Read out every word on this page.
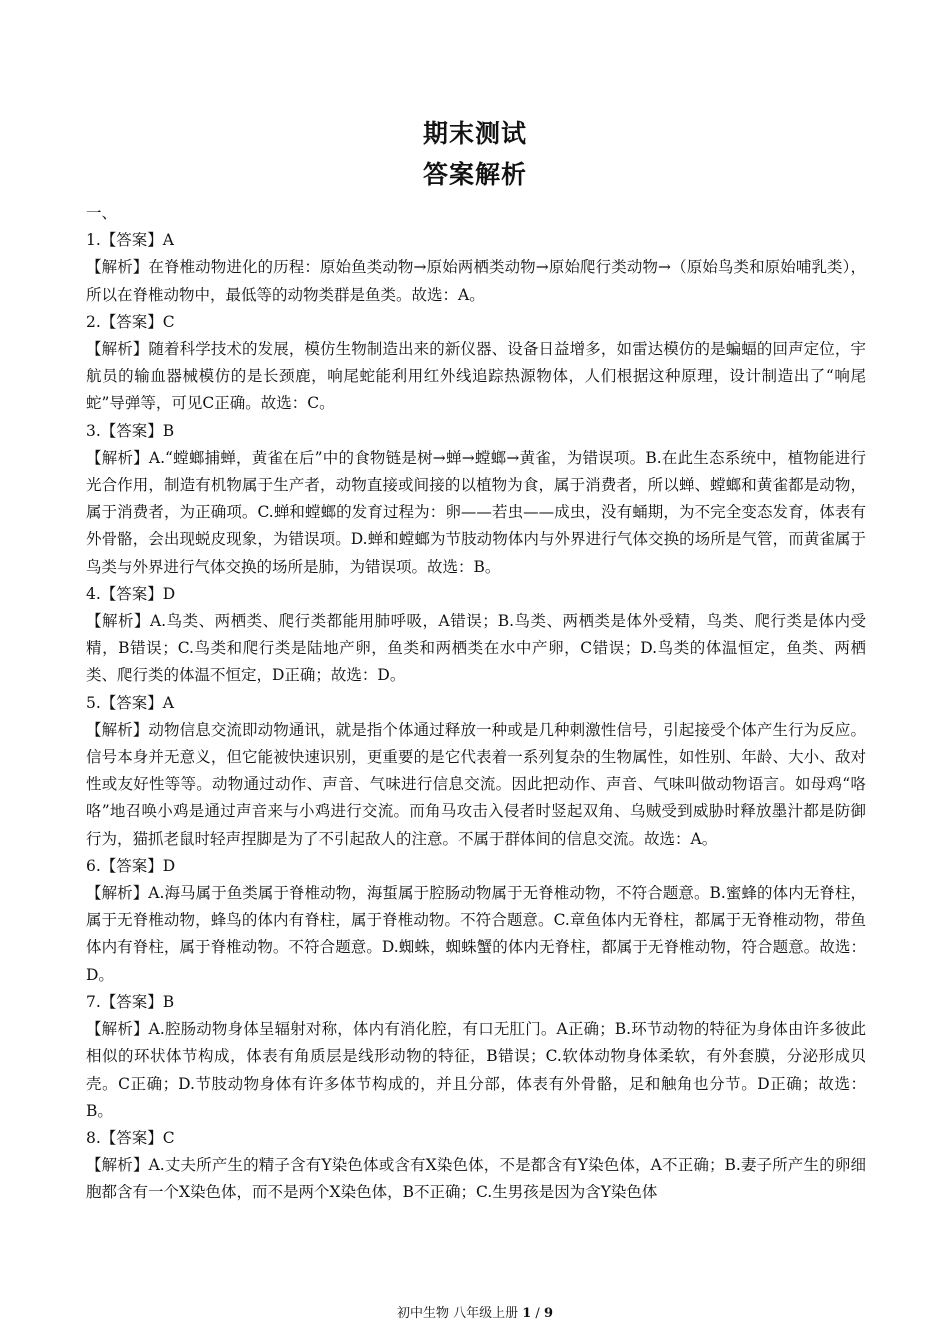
期末测试
答案解析

一、

1.【答案】A

【解析】在脊椎动物进化的历程：原始鱼类动物→原始两栖类动物→原始爬行类动物→（原始鸟类和原始哺乳类），所以在脊椎动物中，最低等的动物类群是鱼类。故选：A。

2.【答案】C

【解析】随着科学技术的发展，模仿生物制造出来的新仪器、设备日益增多，如雷达模仿的是蝙蝠的回声定位，宇航员的输血器械模仿的是长颈鹿，响尾蛇能利用红外线追踪热源物体，人们根据这种原理，设计制造出了“响尾蛇”导弹等，可见C正确。故选：C。

3.【答案】B

【解析】A.“螳螂捕蝉，黄雀在后”中的食物链是树→蝉→螳螂→黄雀，为错误项。B.在此生态系统中，植物能进行光合作用，制造有机物属于生产者，动物直接或间接的以植物为食，属于消费者，所以蝉、螳螂和黄雀都是动物，属于消费者，为正确项。C.蝉和螳螂的发育过程为：卵——若虫——成虫，没有蛹期，为不完全变态发育，体表有外骨骼，会出现蜕皮现象，为错误项。D.蝉和螳螂为节肢动物体内与外界进行气体交换的场所是气管，而黄雀属于鸟类与外界进行气体交换的场所是肺，为错误项。故选：B。

4.【答案】D

【解析】A.鸟类、两栖类、爬行类都能用肺呼吸，A错误；B.鸟类、两栖类是体外受精，鸟类、爬行类是体内受精，B错误；C.鸟类和爬行类是陆地产卵，鱼类和两栖类在水中产卵，C错误；D.鸟类的体温恒定，鱼类、两栖类、爬行类的体温不恒定，D正确；故选：D。

5.【答案】A

【解析】动物信息交流即动物通讯，就是指个体通过释放一种或是几种刺激性信号，引起接受个体产生行为反应。信号本身并无意义，但它能被快速识别，更重要的是它代表着一系列复杂的生物属性，如性别、年龄、大小、敌对性或友好性等等。动物通过动作、声音、气味进行信息交流。因此把动作、声音、气味叫做动物语言。如母鸡“咯咯”地召唤小鸡是通过声音来与小鸡进行交流。而角马攻击入侵者时竖起双角、乌贼受到威胁时释放墨汁都是防御行为，猫抓老鼠时轻声捏脚是为了不引起敌人的注意。不属于群体间的信息交流。故选：A。

6.【答案】D

【解析】A.海马属于鱼类属于脊椎动物，海蜇属于腔肠动物属于无脊椎动物，不符合题意。B.蜜蜂的体内无脊柱，属于无脊椎动物，蜂鸟的体内有脊柱，属于脊椎动物。不符合题意。C.章鱼体内无脊柱，都属于无脊椎动物，带鱼体内有脊柱，属于脊椎动物。不符合题意。D.蜘蛛，蜘蛛蟹的体内无脊柱，都属于无脊椎动物，符合题意。故选：D。

7.【答案】B

【解析】A.腔肠动物身体呈辐射对称，体内有消化腔，有口无肛门。A正确；B.环节动物的特征为身体由许多彼此相似的环状体节构成，体表有角质层是线形动物的特征，B错误；C.软体动物身体柔软，有外套膜，分泌形成贝壳。C正确；D.节肢动物身体有许多体节构成的，并且分部，体表有外骨骼，足和触角也分节。D正确；故选：B。

8.【答案】C

【解析】A.丈夫所产生的精子含有Y染色体或含有X染色体，不是都含有Y染色体，A不正确；B.妻子所产生的卵细胞都含有一个X染色体，而不是两个X染色体，B不正确；C.生男孩是因为含Y染色体

初中生物 八年级上册 1 / 9
